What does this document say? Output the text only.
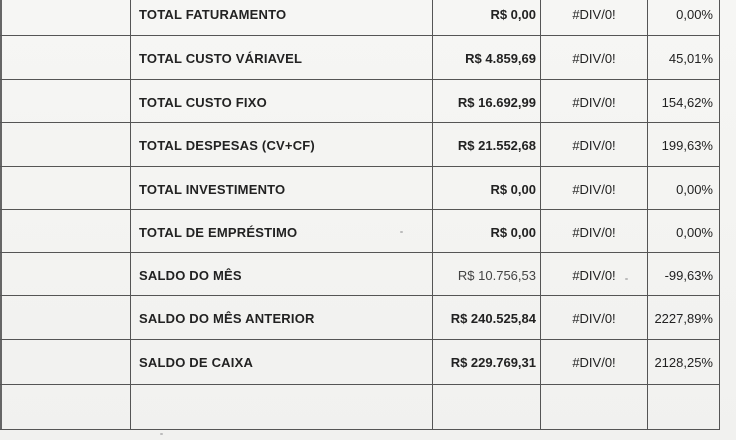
TOTAL FATURAMENTO	R$ 0,00	#DIV/0!	0,00%
TOTAL CUSTO VÁRIAVEL	R$ 4.859,69	#DIV/0!	45,01%
TOTAL CUSTO FIXO	R$ 16.692,99	#DIV/0!	154,62%
TOTAL DESPESAS (CV+CF)	R$ 21.552,68	#DIV/0!	199,63%
TOTAL INVESTIMENTO	R$ 0,00	#DIV/0!	0,00%
TOTAL DE EMPRÉSTIMO	R$ 0,00	#DIV/0!	0,00%
SALDO DO MÊS	R$ 10.756,53	#DIV/0!	-99,63%
SALDO DO MÊS ANTERIOR	R$ 240.525,84	#DIV/0!	2227,89%
SALDO DE CAIXA	R$ 229.769,31	#DIV/0!	2128,25%
